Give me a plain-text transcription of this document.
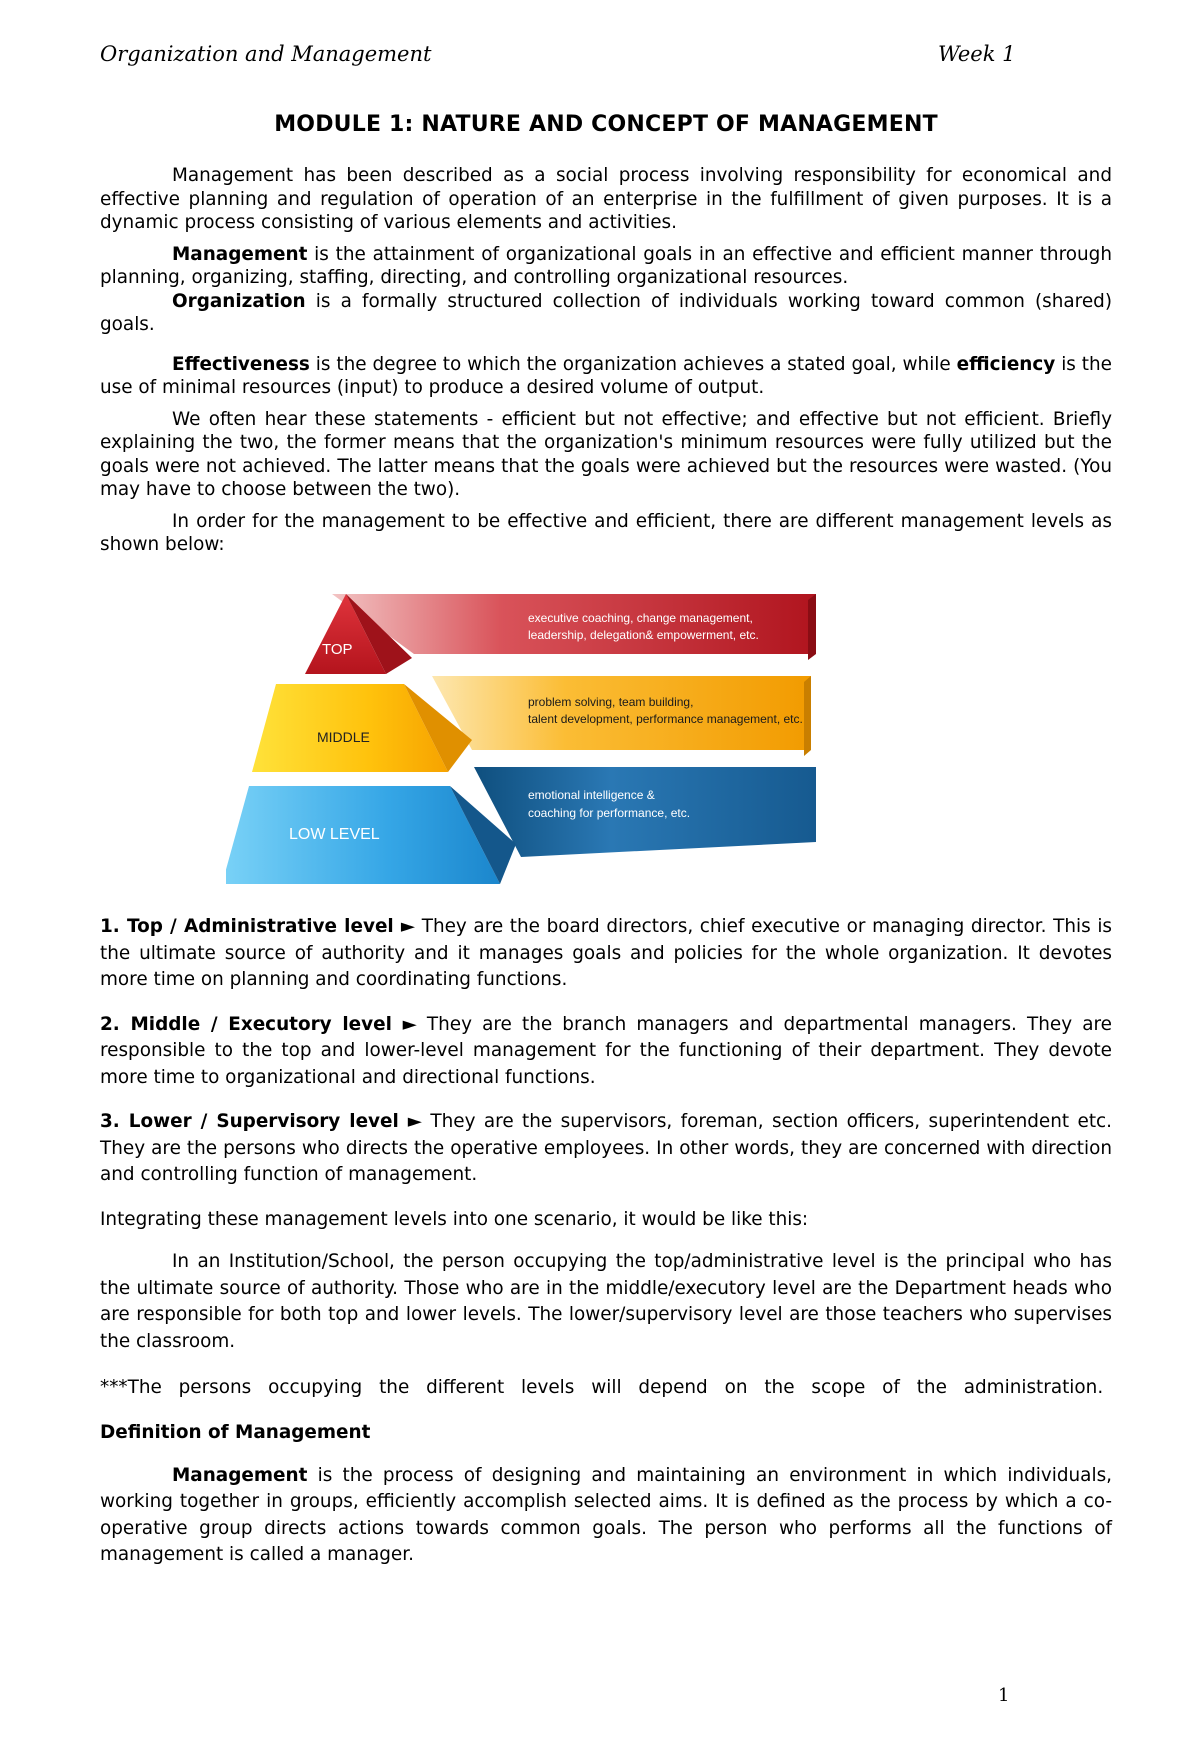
Organization and Management	Week 1
MODULE 1: NATURE AND CONCEPT OF MANAGEMENT

Management has been described as a social process involving responsibility for economical and effective planning and regulation of operation of an enterprise in the fulfillment of given purposes. It is a dynamic process consisting of various elements and activities.

Management is the attainment of organizational goals in an effective and efficient manner through planning, organizing, staffing, directing, and controlling organizational resources.

Organization is a formally structured collection of individuals working toward common (shared) goals.

Effectiveness is the degree to which the organization achieves a stated goal, while efficiency is the use of minimal resources (input) to produce a desired volume of output.

We often hear these statements - efficient but not effective; and effective but not efficient. Briefly explaining the two, the former means that the organization's minimum resources were fully utilized but the goals were not achieved. The latter means that the goals were achieved but the resources were wasted. (You may have to choose between the two).

In order for the management to be effective and efficient, there are different management levels as shown below:

TOP
MIDDLE
LOW LEVEL
executive coaching, change management,
leadership, delegation& empowerment, etc.
problem solving, team building,
talent development, performance management, etc.
emotional intelligence &
coaching for performance, etc.

1. Top / Administrative level ► They are the board directors, chief executive or managing director. This is the ultimate source of authority and it manages goals and policies for the whole organization. It devotes more time on planning and coordinating functions.

2. Middle / Executory level ► They are the branch managers and departmental managers. They are responsible to the top and lower-level management for the functioning of their department. They devote more time to organizational and directional functions.

3. Lower / Supervisory level ► They are the supervisors, foreman, section officers, superintendent etc. They are the persons who directs the operative employees. In other words, they are concerned with direction and controlling function of management.

Integrating these management levels into one scenario, it would be like this:

In an Institution/School, the person occupying the top/administrative level is the principal who has the ultimate source of authority. Those who are in the middle/executory level are the Department heads who are responsible for both top and lower levels. The lower/supervisory level are those teachers who supervises the classroom.

***The persons occupying the different levels will depend on the scope of the administration.

Definition of Management

Management is the process of designing and maintaining an environment in which individuals, working together in groups, efficiently accomplish selected aims. It is defined as the process by which a co-operative group directs actions towards common goals. The person who performs all the functions of management is called a manager.

1
